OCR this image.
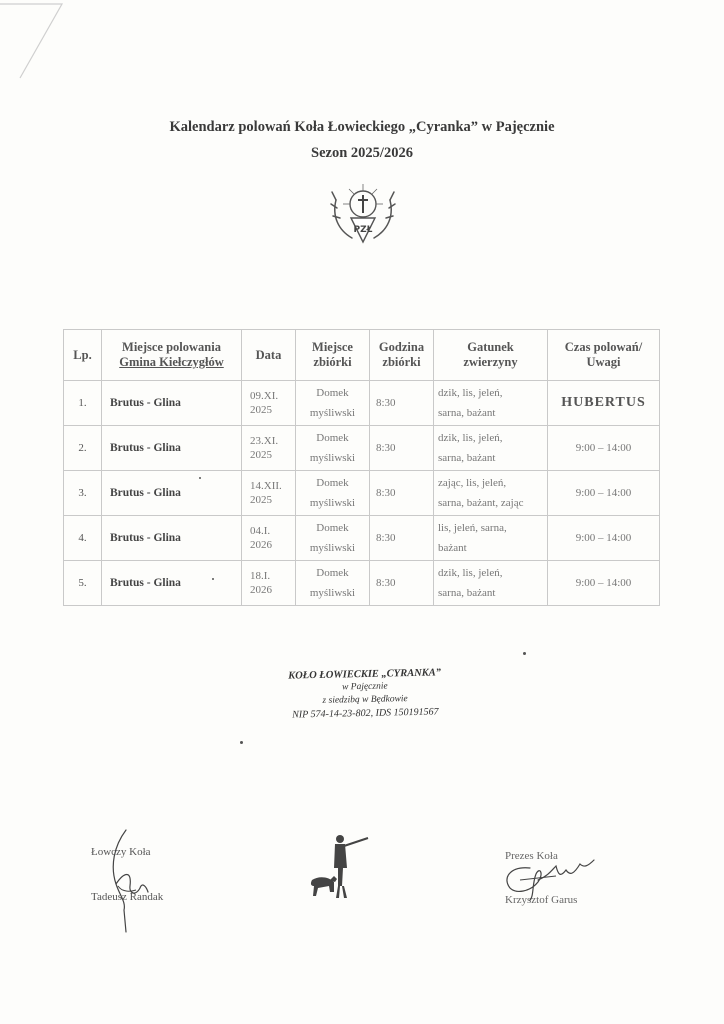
Kalendarz polowań Koła Łowieckiego „Cyranka” w Pajęcznie
Sezon 2025/2026
PZŁ
Lp.	Miejsce polowania
Gmina Kiełczygłów	Data	Miejsce
zbiórki	Godzina
zbiórki	Gatunek
zwierzyny	Czas polowań/
Uwagi
1.	Brutus - Glina	09.XI.
2025	Domek
myśliwski	8:30	dzik, lis, jeleń,
sarna, bażant	HUBERTUS
2.	Brutus - Glina	23.XI.
2025	Domek
myśliwski	8:30	dzik, lis, jeleń,
sarna, bażant	9:00 – 14:00
3.	Brutus - Glina	14.XII.
2025	Domek
myśliwski	8:30	zając, lis, jeleń,
sarna, bażant, zając	9:00 – 14:00
4.	Brutus - Glina	04.I.
2026	Domek
myśliwski	8:30	lis, jeleń, sarna,
bażant	9:00 – 14:00
5.	Brutus - Glina	18.I.
2026	Domek
myśliwski	8:30	dzik, lis, jeleń,
sarna, bażant	9:00 – 14:00
KOŁO ŁOWIECKIE „CYRANKA”
w Pajęcznie
z siedzibą w Będkowie
NIP 574-14-23-802, IDS 150191567
Łowczy Koła
Tadeusz Randak
Prezes Koła
Krzysztof Garus
